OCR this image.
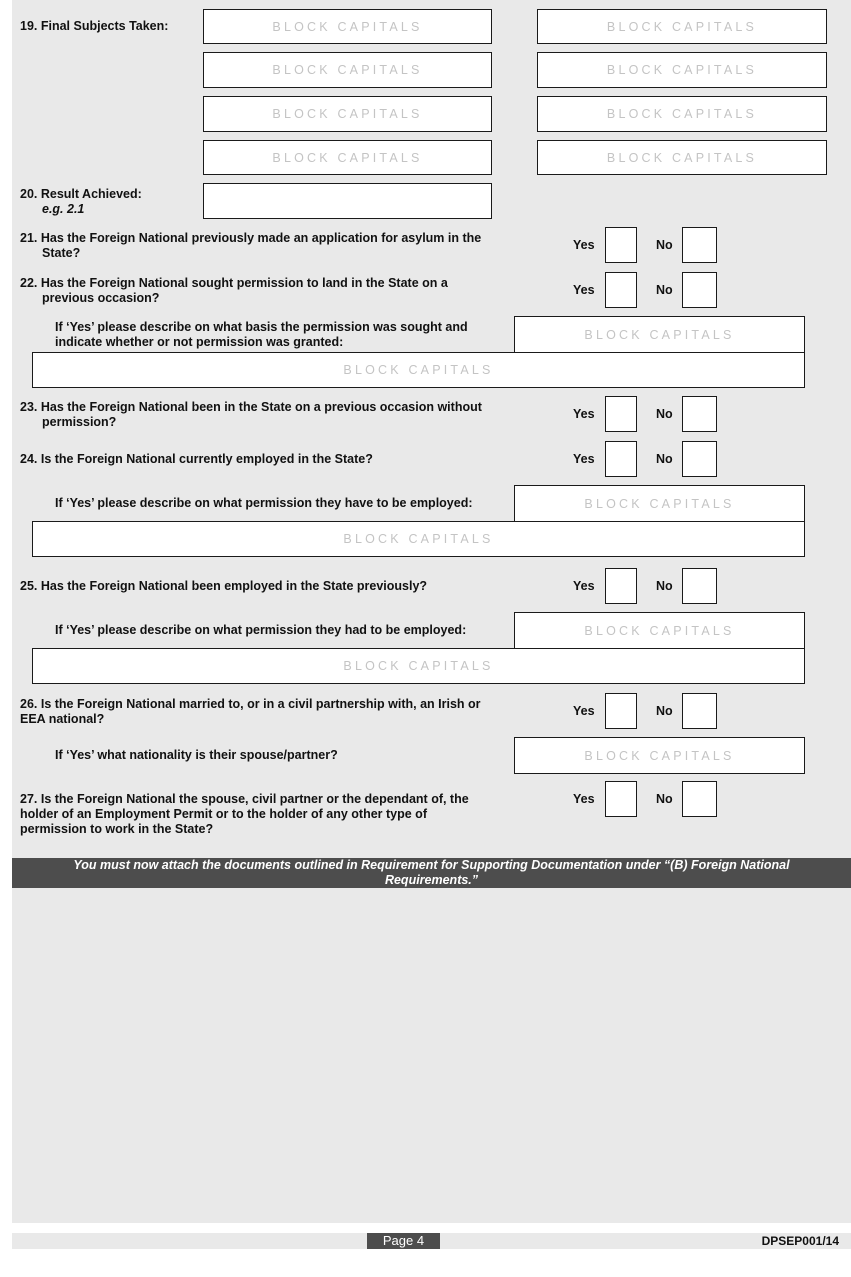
19. Final Subjects Taken:	BLOCK CAPITALS	BLOCK CAPITALS
BLOCK CAPITALS	BLOCK CAPITALS
BLOCK CAPITALS	BLOCK CAPITALS
BLOCK CAPITALS	BLOCK CAPITALS
20. Result Achieved:
e.g. 2.1
21. Has the Foreign National previously made an application for asylum in the
State?
Yes	No
22. Has the Foreign National sought permission to land in the State on a
previous occasion?
Yes	No
If ‘Yes’ please describe on what basis the permission was sought and
indicate whether or not permission was granted:
BLOCK CAPITALS
BLOCK CAPITALS
23. Has the Foreign National been in the State on a previous occasion without
permission?
Yes	No
24. Is the Foreign National currently employed in the State?	Yes	No
If ‘Yes’ please describe on what permission they have to be employed:	BLOCK CAPITALS
BLOCK CAPITALS
25. Has the Foreign National been employed in the State previously?	Yes	No
If ‘Yes’ please describe on what permission they had to be employed:	BLOCK CAPITALS
BLOCK CAPITALS
26. Is the Foreign National married to, or in a civil partnership with, an Irish or
EEA national?
Yes	No
If ‘Yes’ what nationality is their spouse/partner?	BLOCK CAPITALS
27. Is the Foreign National the spouse, civil partner or the dependant of, the
holder of an Employment Permit or to the holder of any other type of
permission to work in the State?
Yes	No
You must now attach the documents outlined in Requirement for Supporting Documentation under “(B) Foreign National
Requirements.”
Page 4	DPSEP001/14
